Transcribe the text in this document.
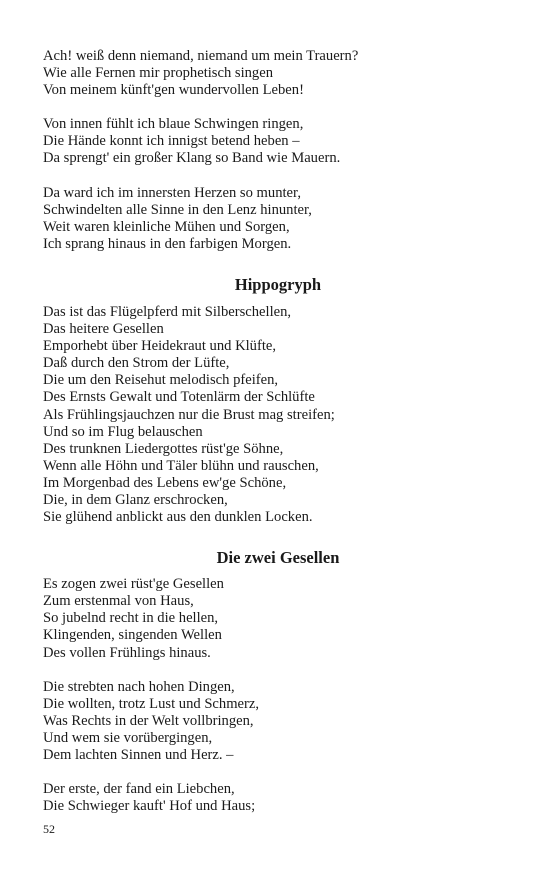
Ach! weiß denn niemand, niemand um mein Trauern?
Wie alle Fernen mir prophetisch singen
Von meinem künft'gen wundervollen Leben!
Von innen fühlt ich blaue Schwingen ringen,
Die Hände konnt ich innigst betend heben –
Da sprengt' ein großer Klang so Band wie Mauern.
Da ward ich im innersten Herzen so munter,
Schwindelten alle Sinne in den Lenz hinunter,
Weit waren kleinliche Mühen und Sorgen,
Ich sprang hinaus in den farbigen Morgen.
Hippogryph
Das ist das Flügelpferd mit Silberschellen,
Das heitere Gesellen
Emporhebt über Heidekraut und Klüfte,
Daß durch den Strom der Lüfte,
Die um den Reisehut melodisch pfeifen,
Des Ernsts Gewalt und Totenlärm der Schlüfte
Als Frühlingsjauchzen nur die Brust mag streifen;
Und so im Flug belauschen
Des trunknen Liedergottes rüst'ge Söhne,
Wenn alle Höhn und Täler blühn und rauschen,
Im Morgenbad des Lebens ew'ge Schöne,
Die, in dem Glanz erschrocken,
Sie glühend anblickt aus den dunklen Locken.
Die zwei Gesellen
Es zogen zwei rüst'ge Gesellen
Zum erstenmal von Haus,
So jubelnd recht in die hellen,
Klingenden, singenden Wellen
Des vollen Frühlings hinaus.
Die strebten nach hohen Dingen,
Die wollten, trotz Lust und Schmerz,
Was Rechts in der Welt vollbringen,
Und wem sie vorübergingen,
Dem lachten Sinnen und Herz. –
Der erste, der fand ein Liebchen,
Die Schwieger kauft' Hof und Haus;
52
